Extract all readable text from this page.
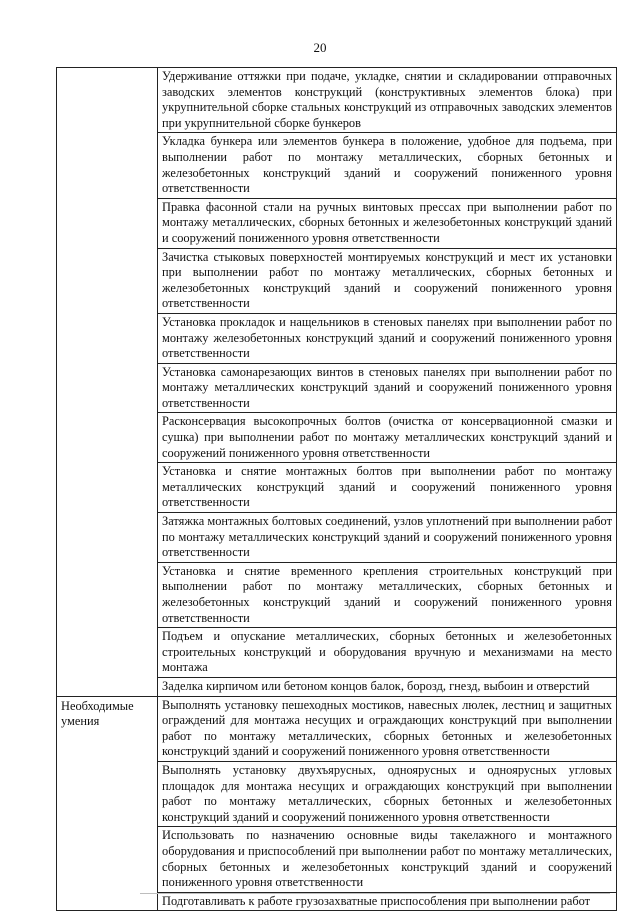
20

	Удерживание оттяжки при подаче, укладке, снятии и складировании отправочных заводских элементов конструкций (конструктивных элементов блока) при укрупнительной сборке стальных конструкций из отправочных заводских элементов при укрупнительной сборке бункеров

	Укладка бункера или элементов бункера в положение, удобное для подъема, при выполнении работ по монтажу металлических, сборных бетонных и железобетонных конструкций зданий и сооружений пониженного уровня ответственности

	Правка фасонной стали на ручных винтовых прессах при выполнении работ по монтажу металлических, сборных бетонных и железобетонных конструкций зданий и сооружений пониженного уровня ответственности

	Зачистка стыковых поверхностей монтируемых конструкций и мест их установки при выполнении работ по монтажу металлических, сборных бетонных и железобетонных конструкций зданий и сооружений пониженного уровня ответственности

	Установка прокладок и нащельников в стеновых панелях при выполнении работ по монтажу железобетонных конструкций зданий и сооружений пониженного уровня ответственности

	Установка самонарезающих винтов в стеновых панелях при выполнении работ по монтажу металлических конструкций зданий и сооружений пониженного уровня ответственности

	Расконсервация высокопрочных болтов (очистка от консервационной смазки и сушка) при выполнении работ по монтажу металлических конструкций зданий и сооружений пониженного уровня ответственности

	Установка и снятие монтажных болтов при выполнении работ по монтажу металлических конструкций зданий и сооружений пониженного уровня ответственности

	Затяжка монтажных болтовых соединений, узлов уплотнений при выполнении работ по монтажу металлических конструкций зданий и сооружений пониженного уровня ответственности

	Установка и снятие временного крепления строительных конструкций при выполнении работ по монтажу металлических, сборных бетонных и железобетонных конструкций зданий и сооружений пониженного уровня ответственности

	Подъем и опускание металлических, сборных бетонных и железобетонных строительных конструкций и оборудования вручную и механизмами на место монтажа

	Заделка кирпичом или бетоном концов балок, борозд, гнезд, выбоин и отверстий

Необходимые умения	Выполнять установку пешеходных мостиков, навесных люлек, лестниц и защитных ограждений для монтажа несущих и ограждающих конструкций при выполнении работ по монтажу металлических, сборных бетонных и железобетонных конструкций зданий и сооружений пониженного уровня ответственности

	Выполнять установку двухъярусных, одноярусных и одноярусных угловых площадок для монтажа несущих и ограждающих конструкций при выполнении работ по монтажу металлических, сборных бетонных и железобетонных конструкций зданий и сооружений пониженного уровня ответственности

	Использовать по назначению основные виды такелажного и монтажного оборудования и приспособлений при выполнении работ по монтажу металлических, сборных бетонных и железобетонных конструкций зданий и сооружений пониженного уровня ответственности

	Подготавливать к работе грузозахватные приспособления при выполнении работ
